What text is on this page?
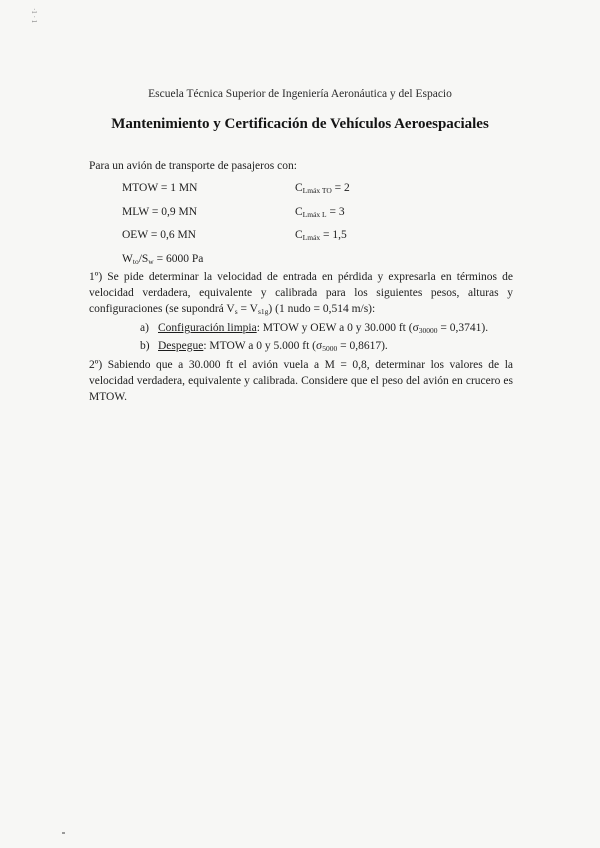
·1 · 1
Escuela Técnica Superior de Ingeniería Aeronáutica y del Espacio
Mantenimiento y Certificación de Vehículos Aeroespaciales
Para un avión de transporte de pasajeros con:
MTOW = 1 MN	$C_{Lmáx TO} = 2$
MLW = 0,9 MN	$C_{Lmáx L} = 3$
OEW = 0,6 MN	$C_{Lmáx} = 1,5$
$W_{to}/S_w = 6000$ Pa
1º) Se pide determinar la velocidad de entrada en pérdida y expresarla en términos de velocidad verdadera, equivalente y calibrada para los siguientes pesos, alturas y configuraciones (se supondrá $V_s = V_{s1g}$) (1 nudo = 0,514 m/s):
a) Configuración limpia: MTOW y OEW a 0 y 30.000 ft $(\sigma_{30000} = 0,3741)$.
b) Despegue: MTOW a 0 y 5.000 ft $(\sigma_{5000} = 0,8617)$.
2º) Sabiendo que a 30.000 ft el avión vuela a M = 0,8, determinar los valores de la velocidad verdadera, equivalente y calibrada. Considere que el peso del avión en crucero es MTOW.
